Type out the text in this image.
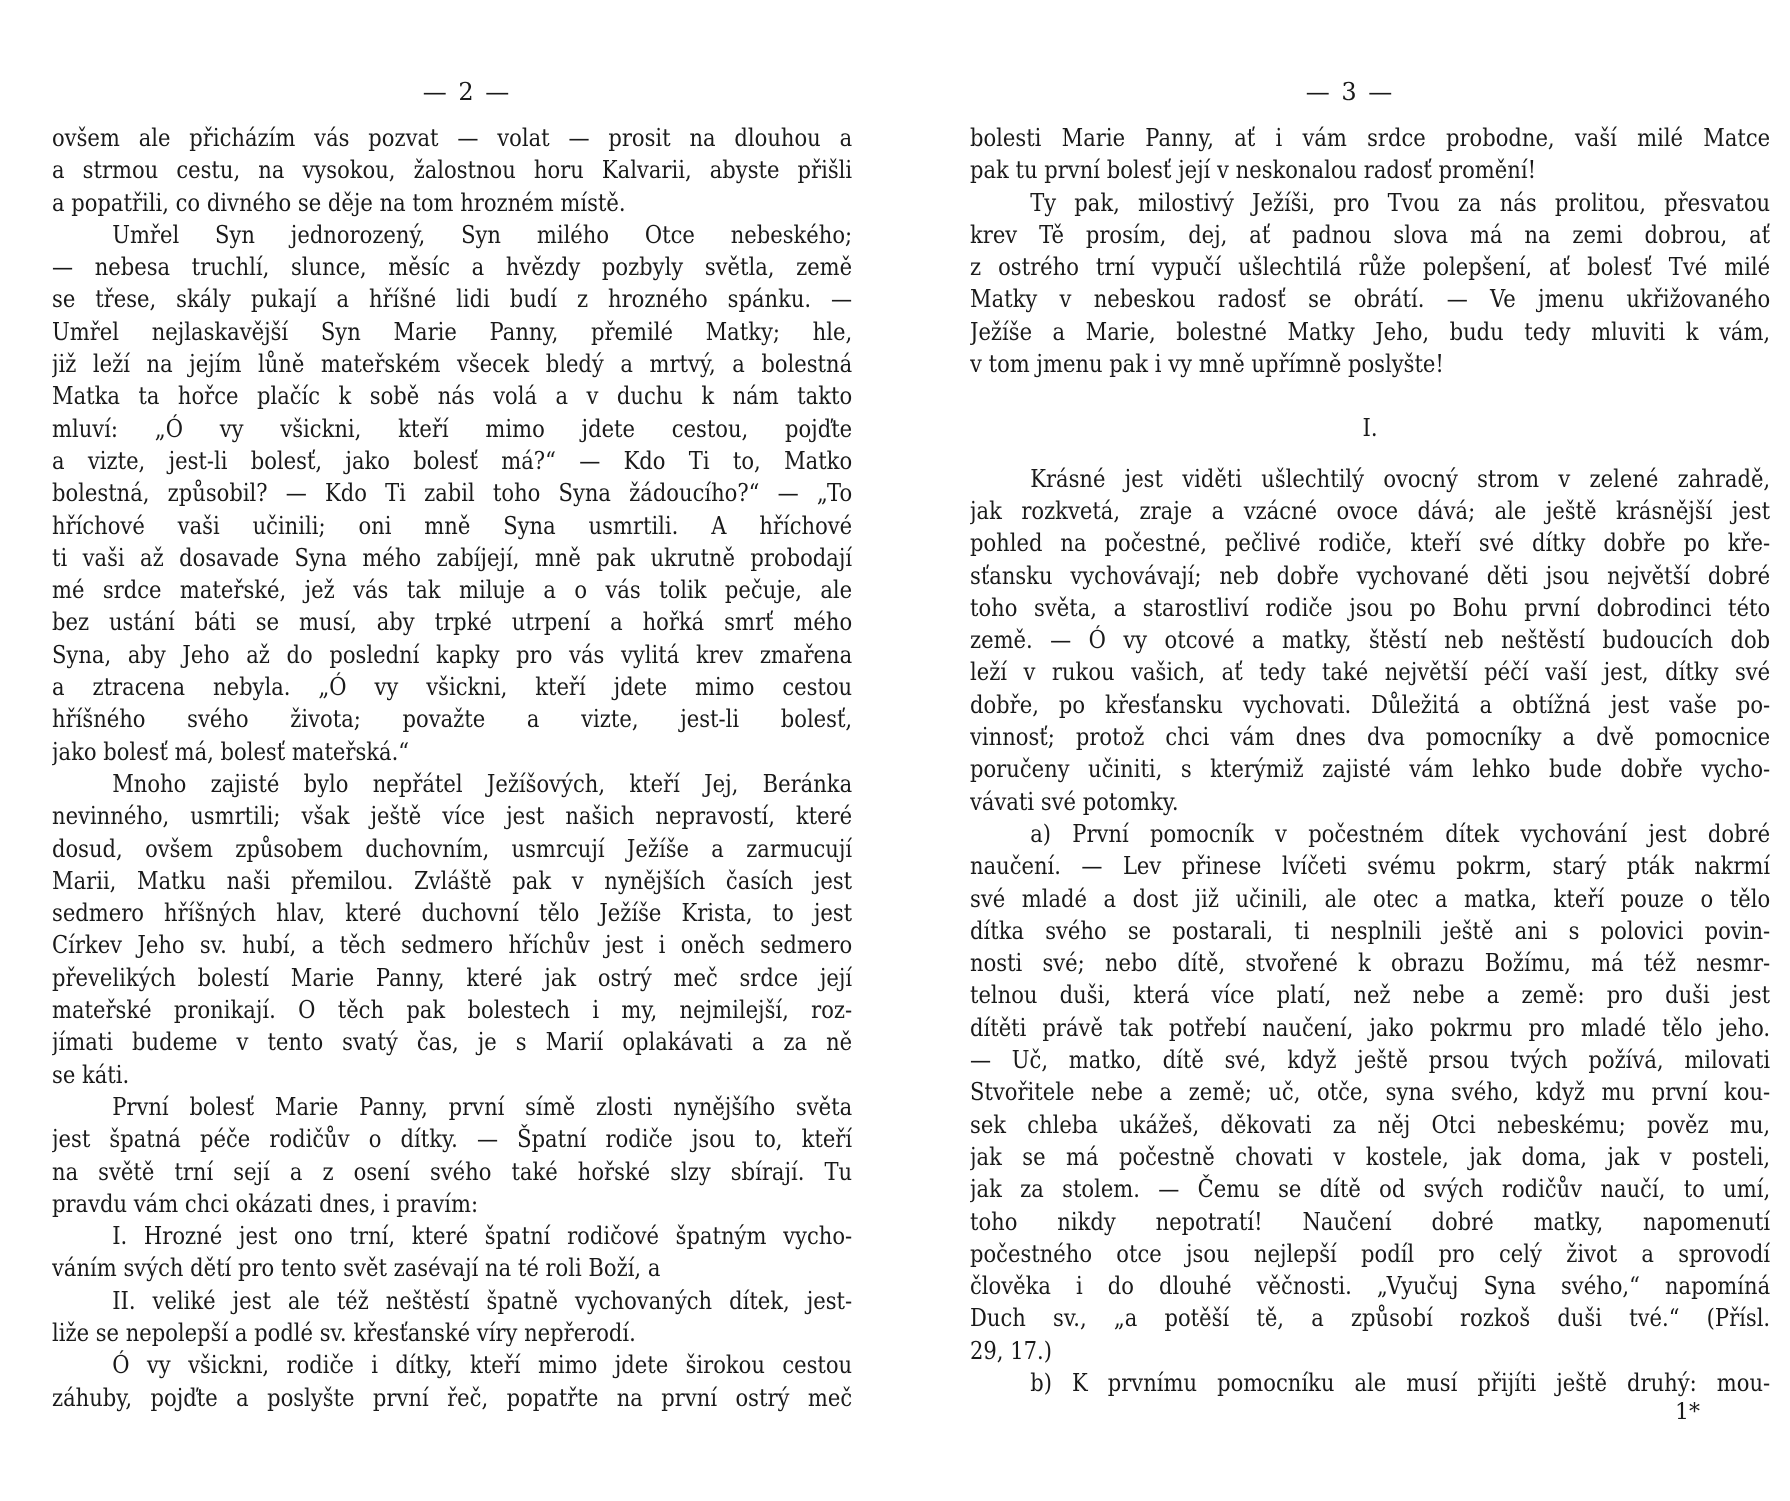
— 2 —
ovšem ale přicházím vás pozvat — volat — prosit na dlouhou a
a strmou cestu, na vysokou, žalostnou horu Kalvarii, abyste přišli
a popatřili, co divného se děje na tom hrozném místě.
Umřel Syn jednorozený, Syn milého Otce nebeského;
— nebesa truchlí, slunce, měsíc a hvězdy pozbyly světla, země
se třese, skály pukají a hříšné lidi budí z hrozného spánku. —
Umřel nejlaskavější Syn Marie Panny, přemilé Matky; hle,
již leží na jejím lůně mateřském všecek bledý a mrtvý, a bolestná
Matka ta hořce plačíc k sobě nás volá a v duchu k nám takto
mluví: „Ó vy všickni, kteří mimo jdete cestou, pojďte
a vizte, jest-li bolesť, jako bolesť má?“ — Kdo Ti to, Matko
bolestná, způsobil? — Kdo Ti zabil toho Syna žádoucího?“ — „To
hříchové vaši učinili; oni mně Syna usmrtili. A hříchové
ti vaši až dosavade Syna mého zabíjejí, mně pak ukrutně probodají
mé srdce mateřské, jež vás tak miluje a o vás tolik pečuje, ale
bez ustání báti se musí, aby trpké utrpení a hořká smrť mého
Syna, aby Jeho až do poslední kapky pro vás vylitá krev zmařena
a ztracena nebyla. „Ó vy všickni, kteří jdete mimo cestou
hříšného svého života; považte a vizte, jest-li bolesť,
jako bolesť má, bolesť mateřská.“
Mnoho zajisté bylo nepřátel Ježíšových, kteří Jej, Beránka
nevinného, usmrtili; však ještě více jest našich nepravostí, které
dosud, ovšem způsobem duchovním, usmrcují Ježíše a zarmucují
Marii, Matku naši přemilou. Zvláště pak v nynějších časích jest
sedmero hříšných hlav, které duchovní tělo Ježíše Krista, to jest
Církev Jeho sv. hubí, a těch sedmero hříchův jest i oněch sedmero
převelikých bolestí Marie Panny, které jak ostrý meč srdce její
mateřské pronikají. O těch pak bolestech i my, nejmilejší, roz-
jímati budeme v tento svatý čas, je s Marií oplakávati a za ně
se káti.
První bolesť Marie Panny, první símě zlosti nynějšího světa
jest špatná péče rodičův o dítky. — Špatní rodiče jsou to, kteří
na světě trní sejí a z osení svého také hořské slzy sbírají. Tu
pravdu vám chci okázati dnes, i pravím:
I. Hrozné jest ono trní, které špatní rodičové špatným vycho-
váním svých dětí pro tento svět zasévají na té roli Boží, a
II. veliké jest ale též neštěstí špatně vychovaných dítek, jest-
liže se nepolepší a podlé sv. křesťanské víry nepřerodí.
Ó vy všickni, rodiče i dítky, kteří mimo jdete širokou cestou
záhuby, pojďte a poslyšte první řeč, popatřte na první ostrý meč
— 3 —
bolesti Marie Panny, ať i vám srdce probodne, vaší milé Matce
pak tu první bolesť její v neskonalou radosť promění!
Ty pak, milostivý Ježíši, pro Tvou za nás prolitou, přesvatou
krev Tě prosím, dej, ať padnou slova má na zemi dobrou, ať
z ostrého trní vypučí ušlechtilá růže polepšení, ať bolesť Tvé milé
Matky v nebeskou radosť se obrátí. — Ve jmenu ukřižovaného
Ježíše a Marie, bolestné Matky Jeho, budu tedy mluviti k vám,
v tom jmenu pak i vy mně upřímně poslyšte!
I.
Krásné jest viděti ušlechtilý ovocný strom v zelené zahradě,
jak rozkvetá, zraje a vzácné ovoce dává; ale ještě krásnější jest
pohled na počestné, pečlivé rodiče, kteří své dítky dobře po kře-
sťansku vychovávají; neb dobře vychované děti jsou největší dobré
toho světa, a starostliví rodiče jsou po Bohu první dobrodinci této
země. — Ó vy otcové a matky, štěstí neb neštěstí budoucích dob
leží v rukou vašich, ať tedy také největší péčí vaší jest, dítky své
dobře, po křesťansku vychovati. Důležitá a obtížná jest vaše po-
vinnosť; protož chci vám dnes dva pomocníky a dvě pomocnice
poručeny učiniti, s kterýmiž zajisté vám lehko bude dobře vycho-
vávati své potomky.
a) První pomocník v počestném dítek vychování jest dobré
naučení. — Lev přinese lvíčeti svému pokrm, starý pták nakrmí
své mladé a dost již učinili, ale otec a matka, kteří pouze o tělo
dítka svého se postarali, ti nesplnili ještě ani s polovici povin-
nosti své; nebo dítě, stvořené k obrazu Božímu, má též nesmr-
telnou duši, která více platí, než nebe a země: pro duši jest
dítěti právě tak potřebí naučení, jako pokrmu pro mladé tělo jeho.
— Uč, matko, dítě své, když ještě prsou tvých požívá, milovati
Stvořitele nebe a země; uč, otče, syna svého, když mu první kou-
sek chleba ukážeš, děkovati za něj Otci nebeskému; pověz mu,
jak se má počestně chovati v kostele, jak doma, jak v posteli,
jak za stolem. — Čemu se dítě od svých rodičův naučí, to umí,
toho nikdy nepotratí! Naučení dobré matky, napomenutí
počestného otce jsou nejlepší podíl pro celý život a sprovodí
člověka i do dlouhé věčnosti. „Vyučuj Syna svého,“ napomíná
Duch sv., „a potěší tě, a způsobí rozkoš duši tvé.“ (Přísl.
29, 17.)
b) K prvnímu pomocníku ale musí přijíti ještě druhý: mou-
1*
